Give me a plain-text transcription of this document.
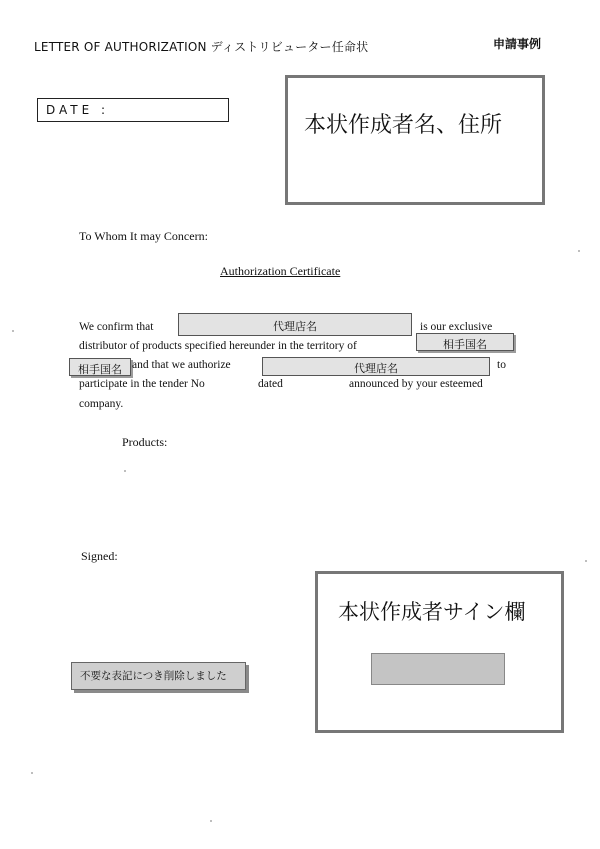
LETTER OF AUTHORIZATION ディストリビューター任命状	申請事例
DATE :
本状作成者名、住所
To Whom It may Concern:
Authorization Certificate
We confirm that	代理店名	is our exclusive
distributor of products specified hereunder in the territory of	相手国名
相手国名 and that we authorize	代理店名	to
participate in the tender No	dated	announced by your esteemed
company.
Products:
Signed:
本状作成者サイン欄
不要な表記につき削除しました
